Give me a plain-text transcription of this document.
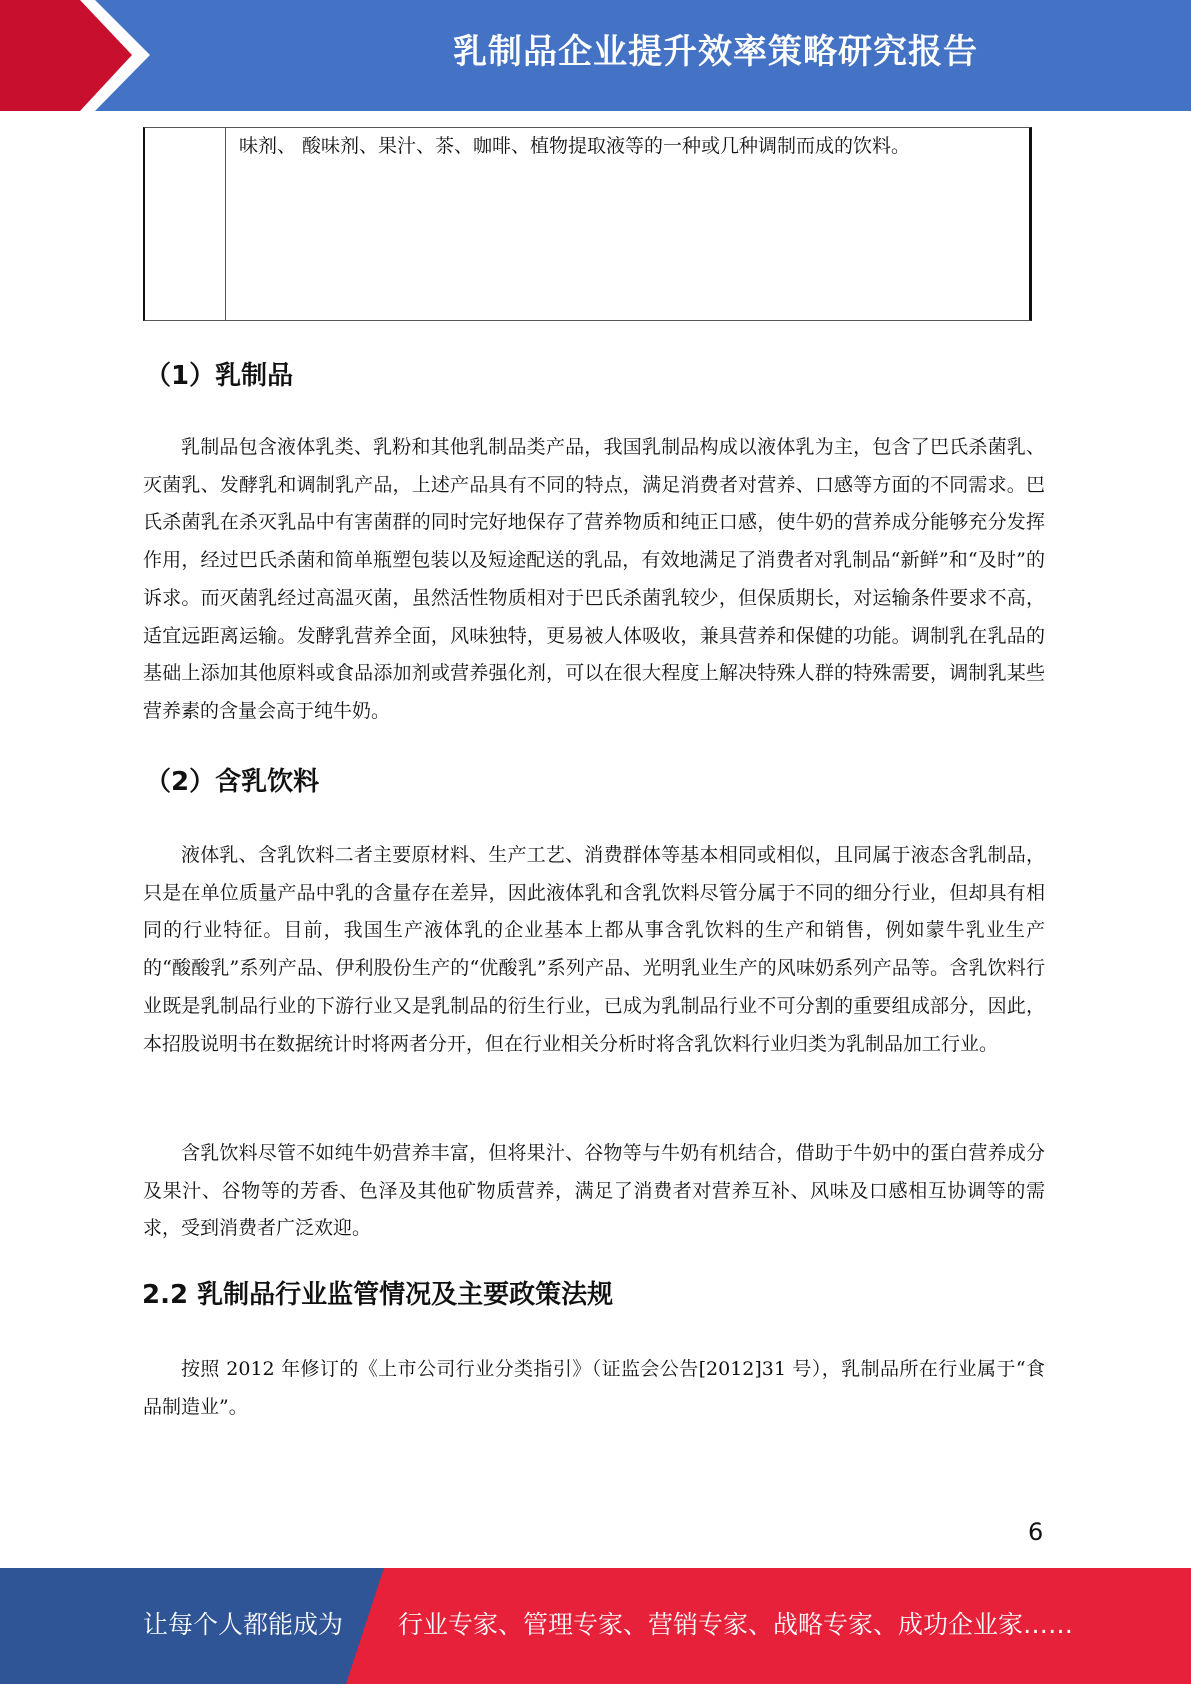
乳制品企业提升效率策略研究报告
味剂、 酸味剂、果汁、茶、咖啡、植物提取液等的一种或几种调制而成的饮料。
（1）乳制品
乳制品包含液体乳类、乳粉和其他乳制品类产品，我国乳制品构成以液体乳为主，包含了巴氏杀菌乳、灭菌乳、发酵乳和调制乳产品，上述产品具有不同的特点，满足消费者对营养、口感等方面的不同需求。巴氏杀菌乳在杀灭乳品中有害菌群的同时完好地保存了营养物质和纯正口感，使牛奶的营养成分能够充分发挥作用，经过巴氏杀菌和简单瓶塑包装以及短途配送的乳品，有效地满足了消费者对乳制品“新鲜”和“及时”的诉求。而灭菌乳经过高温灭菌，虽然活性物质相对于巴氏杀菌乳较少，但保质期长，对运输条件要求不高，适宜远距离运输。发酵乳营养全面，风味独特，更易被人体吸收，兼具营养和保健的功能。调制乳在乳品的基础上添加其他原料或食品添加剂或营养强化剂，可以在很大程度上解决特殊人群的特殊需要，调制乳某些营养素的含量会高于纯牛奶。
（2）含乳饮料
液体乳、含乳饮料二者主要原材料、生产工艺、消费群体等基本相同或相似，且同属于液态含乳制品，只是在单位质量产品中乳的含量存在差异，因此液体乳和含乳饮料尽管分属于不同的细分行业，但却具有相同的行业特征。目前，我国生产液体乳的企业基本上都从事含乳饮料的生产和销售，例如蒙牛乳业生产的“酸酸乳”系列产品、伊利股份生产的“优酸乳”系列产品、光明乳业生产的风味奶系列产品等。含乳饮料行业既是乳制品行业的下游行业又是乳制品的衍生行业，已成为乳制品行业不可分割的重要组成部分，因此，本招股说明书在数据统计时将两者分开，但在行业相关分析时将含乳饮料行业归类为乳制品加工行业。
含乳饮料尽管不如纯牛奶营养丰富，但将果汁、谷物等与牛奶有机结合，借助于牛奶中的蛋白营养成分及果汁、谷物等的芳香、色泽及其他矿物质营养，满足了消费者对营养互补、风味及口感相互协调等的需求，受到消费者广泛欢迎。
2.2 乳制品行业监管情况及主要政策法规
按照 2012 年修订的《上市公司行业分类指引》（证监会公告[2012]31 号），乳制品所在行业属于“食品制造业”。
6
让每个人都能成为 行业专家、管理专家、营销专家、战略专家、成功企业家……
